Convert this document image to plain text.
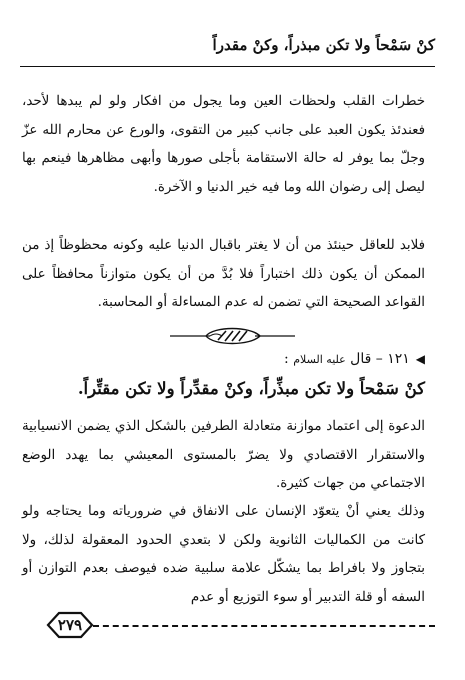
كنْ سَمْحاً ولا تكن مبذراً، وكنْ مقدراً

خطرات القلب ولحظات العين وما يجول من افكار ولو لم يبدها لأحد، فعندئذ يكون العبد على جانب كبير من التقوى، والورع عن محارم الله عزّ وجلّ بما يوفر له حالة الاستقامة بأجلى صورها وأبهى مظاهرها فينعم بها ليصل إلى رضوان الله وما فيه خير الدنيا و الآخرة.

فلابد للعاقل حينئذ من أن لا يغتر باقبال الدنيا عليه وكونه محظوظاً إذ من الممكن أن يكون ذلك اختباراً فلا بُدَّ من أن يكون متوازناً محافظاً على القواعد الصحيحة التي تضمن له عدم المساءلة أو المحاسبة.

◀١٢١ – قال عليه السلام :
كنْ سَمْحاً ولا تكن مبذِّراً، وكنْ مقدِّراً ولا تكن مقتِّراً.

الدعوة إلى اعتماد موازنة متعادلة الطرفين بالشكل الذي يضمن الانسيابية والاستقرار الاقتصادي ولا يضرّ بالمستوى المعيشي بما يهدد الوضع الاجتماعي من جهات كثيرة.

وذلك يعني أنْ يتعوّد الإنسان على الانفاق في ضرورياته وما يحتاجه ولو كانت من الكماليات الثانوية ولكن لا بتعدي الحدود المعقولة لذلك، ولا بتجاوز ولا بافراط بما يشكّل علامة سلبية ضده فيوصف بعدم التوازن أو السفه أو قلة التدبير أو سوء التوزيع أو عدم

٢٧٩
